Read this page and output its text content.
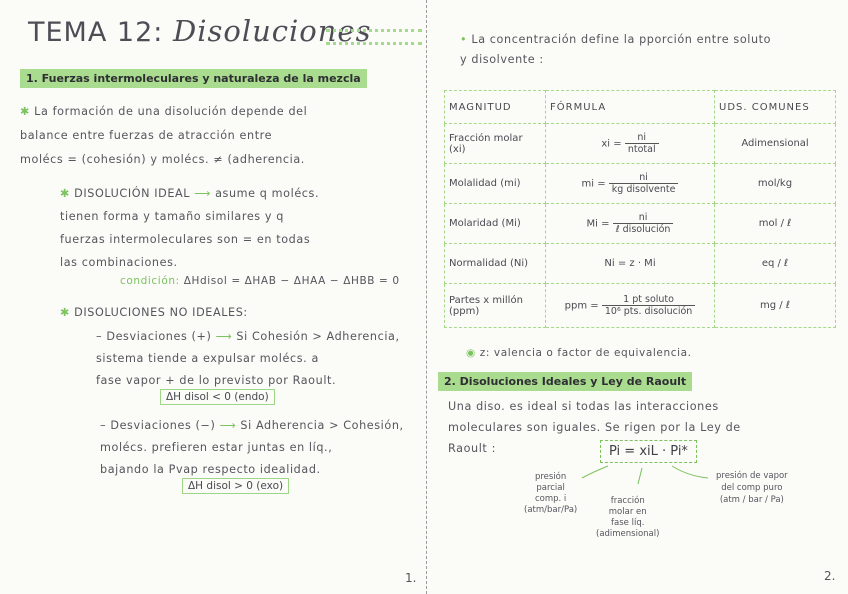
TEMA 12: Disoluciones
1. Fuerzas intermoleculares y naturaleza de la mezcla
✱ La formación de una disolución depende del
balance entre fuerzas de atracción entre
molécs = (cohesión) y molécs. ≠ (adherencia.
✱ DISOLUCIÓN IDEAL ⟶ asume q molécs.
tienen forma y tamaño similares y q
fuerzas intermoleculares son = en todas
las combinaciones.
condición: ΔHdisol = ΔHAB − ΔHAA − ΔHBB = 0
✱ DISOLUCIONES NO IDEALES:
– Desviaciones (+) ⟶ Si Cohesión > Adherencia,
sistema tiende a expulsar molécs. a
fase vapor + de lo previsto por Raoult.
ΔH disol < 0 (endo)
– Desviaciones (−) ⟶ Si Adherencia > Cohesión,
molécs. prefieren estar juntas en líq.,
bajando la Pvap respecto idealidad.
ΔH disol > 0 (exo)
1.
• La concentración define la pporción entre soluto
y disolvente :
MAGNITUD	FÓRMULA	UDS. COMUNES
Fracción molar (xi)	xi = $\frac{ni}{\text{ntotal}}$	Adimensional
Molalidad (mi)	mi = $\frac{ni}{\text{kg disolvente}}$	mol/kg
Molaridad (Mi)	$Mi = \frac{ni}{\text{ℓ disolución}}$	mol / ℓ
Normalidad (Ni)	Ni = z · Mi	eq / ℓ
Partes x millón (ppm)	ppm = $\frac{\text{1 pt soluto}}{\text{10⁶ pts. disolución}}$	mg / ℓ
◉ z: valencia o factor de equivalencia.
2. Disoluciones Ideales y Ley de Raoult
Una diso. es ideal si todas las interacciones
moleculares son iguales. Se rigen por la Ley de
Raoult :	Pi = xiL · Pi*
presión
parcial
comp. i
(atm/bar/Pa)
fracción
molar en
fase líq.
(adimensional)
presión de vapor
del comp puro
(atm / bar / Pa)
2.
